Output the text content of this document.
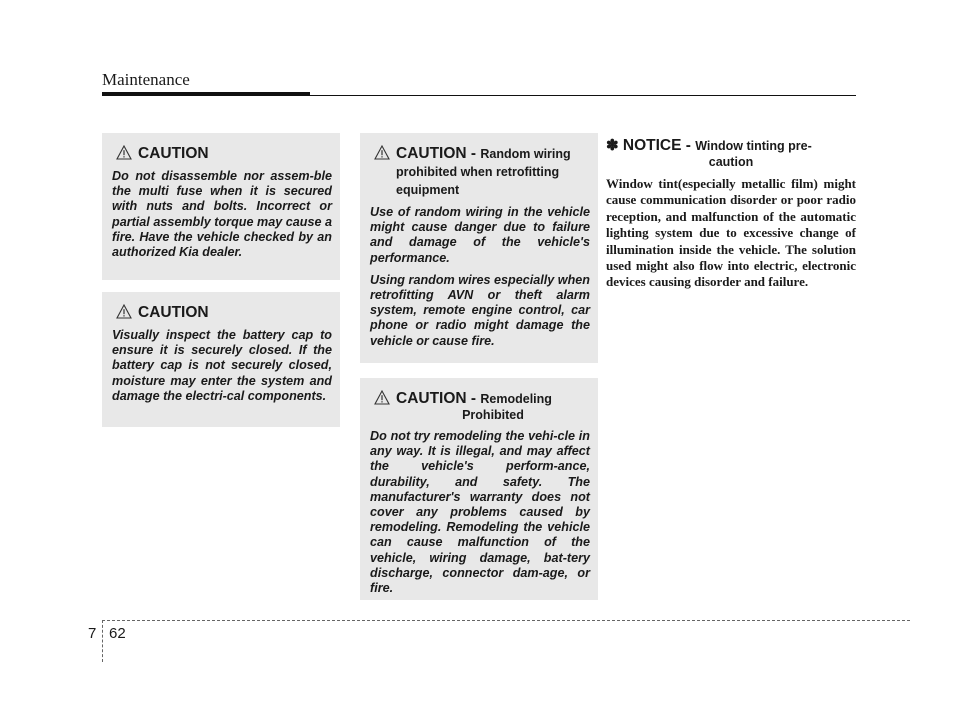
Maintenance
CAUTION

Do not disassemble nor assem-ble the multi fuse when it is secured with nuts and bolts. Incorrect or partial assembly torque may cause a fire. Have the vehicle checked by an authorized Kia dealer.

CAUTION

Visually inspect the battery cap to ensure it is securely closed. If the battery cap is not securely closed, moisture may enter the system and damage the electri-cal components.

CAUTION - Random wiring prohibited when retrofitting equipment

Use of random wiring in the vehicle might cause danger due to failure and damage of the vehicle's performance.

Using random wires especially when retrofitting AVN or theft alarm system, remote engine control, car phone or radio might damage the vehicle or cause fire.

CAUTION - Remodeling
Prohibited

Do not try remodeling the vehi-cle in any way. It is illegal, and may affect the vehicle's perform-ance, durability, and safety. The manufacturer's warranty does not cover any problems caused by remodeling. Remodeling the vehicle can cause malfunction of the vehicle, wiring damage, bat-tery discharge, connector dam-age, or fire.

✽ NOTICE - Window tinting pre-
caution

Window tint(especially metallic film) might cause communication disorder or poor radio reception, and malfunction of the automatic lighting system due to excessive change of illumination inside the vehicle. The solution used might also flow into electric, electronic devices causing disorder and failure.

7 62
